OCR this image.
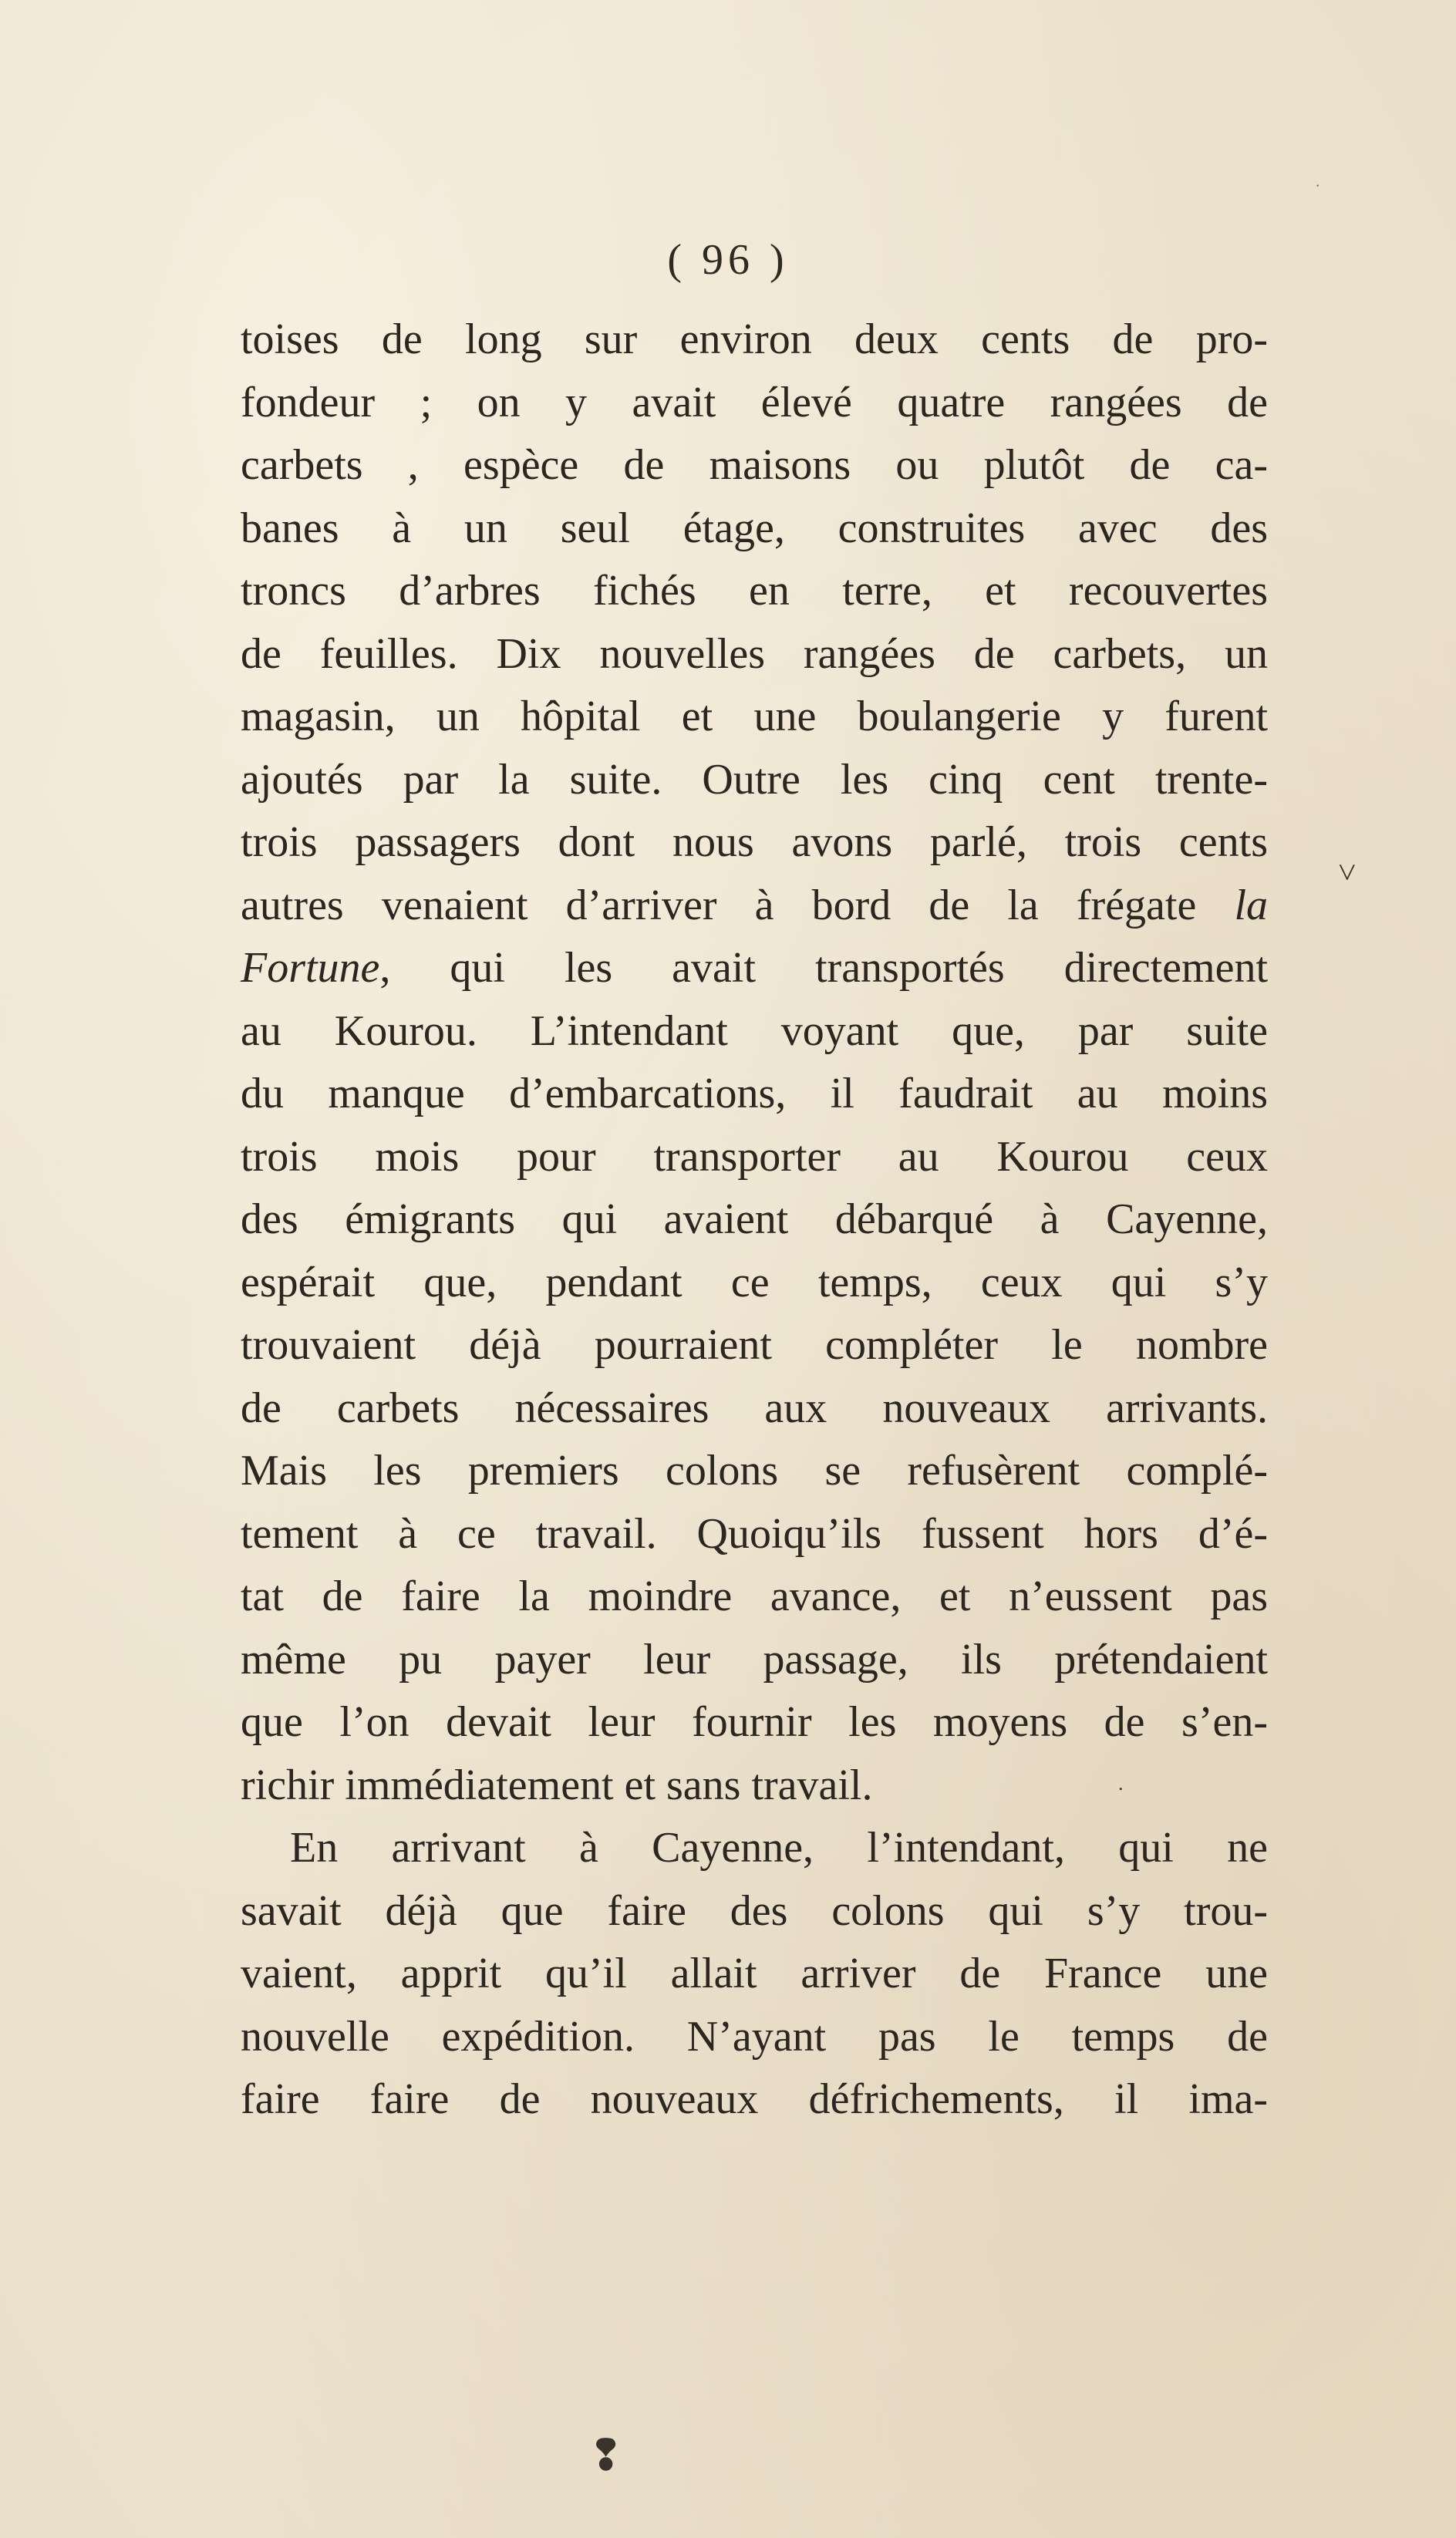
( 96 )
toises de long sur environ deux cents de pro-
fondeur ; on y avait élevé quatre rangées de
carbets , espèce de maisons ou plutôt de ca-
banes à un seul étage, construites avec des
troncs d’arbres fichés en terre, et recouvertes
de feuilles. Dix nouvelles rangées de carbets, un
magasin, un hôpital et une boulangerie y furent
ajoutés par la suite. Outre les cinq cent trente-
trois passagers dont nous avons parlé, trois cents
autres venaient d’arriver à bord de la frégate la
Fortune, qui les avait transportés directement
au Kourou. L’intendant voyant que, par suite
du manque d’embarcations, il faudrait au moins
trois mois pour transporter au Kourou ceux
des émigrants qui avaient débarqué à Cayenne,
espérait que, pendant ce temps, ceux qui s’y
trouvaient déjà pourraient compléter le nombre
de carbets nécessaires aux nouveaux arrivants.
Mais les premiers colons se refusèrent complé-
tement à ce travail. Quoiqu’ils fussent hors d’é-
tat de faire la moindre avance, et n’eussent pas
même pu payer leur passage, ils prétendaient
que l’on devait leur fournir les moyens de s’en-
richir immédiatement et sans travail.
En arrivant à Cayenne, l’intendant, qui ne
savait déjà que faire des colons qui s’y trou-
vaient, apprit qu’il allait arriver de France une
nouvelle expédition. N’ayant pas le temps de
faire faire de nouveaux défrichements, il ima-
·
˅
.
❢
